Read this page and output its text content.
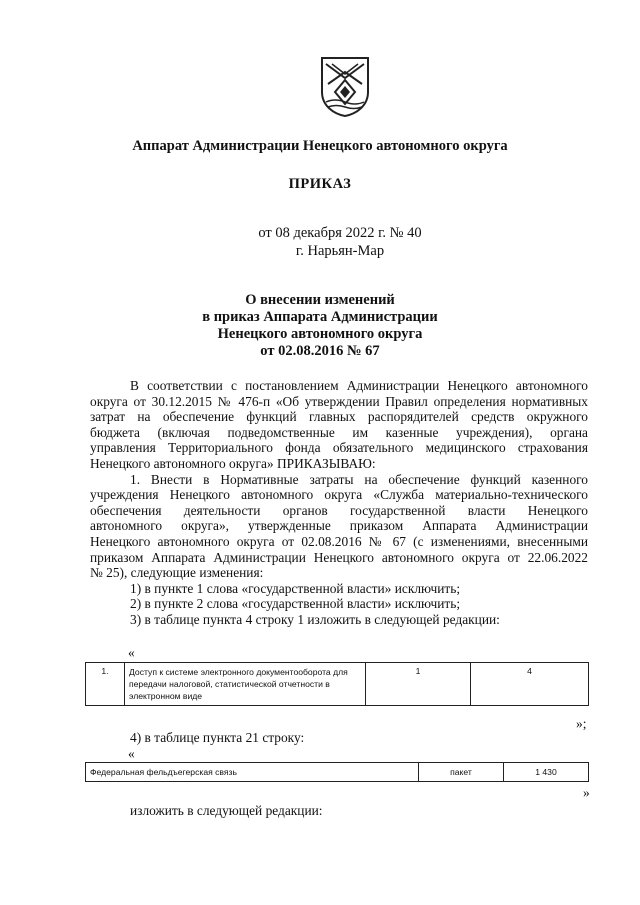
Аппарат Администрации Ненецкого автономного округа
ПРИКАЗ
от 08 декабря 2022 г. № 40
г. Нарьян-Мар
О внесении изменений
в приказ Аппарата Администрации
Ненецкого автономного округа
от 02.08.2016 № 67
В соответствии с постановлением Администрации Ненецкого автономного
округа от 30.12.2015 № 476-п «Об утверждении Правил определения нормативных
затрат на обеспечение функций главных распорядителей средств окружного
бюджета (включая подведомственные им казенные учреждения), органа
управления Территориального фонда обязательного медицинского страхования
Ненецкого автономного округа» ПРИКАЗЫВАЮ:
1. Внести в Нормативные затраты на обеспечение функций казенного
учреждения Ненецкого автономного округа «Служба материально-технического
обеспечения деятельности органов государственной власти Ненецкого
автономного округа», утвержденные приказом Аппарата Администрации
Ненецкого автономного округа от 02.08.2016 № 67 (с изменениями, внесенными
приказом Аппарата Администрации Ненецкого автономного округа от 22.06.2022
№ 25), следующие изменения:
1) в пункте 1 слова «государственной власти» исключить;
2) в пункте 2 слова «государственной власти» исключить;
3) в таблице пункта 4 строку 1 изложить в следующей редакции:
«
1.	Доступ к системе электронного документооборота для передачи налоговой, статистической отчетности в электронном виде	1	4
»;
4) в таблице пункта 21 строку:
«
Федеральная фельдъегерская связь	пакет	1 430
»
изложить в следующей редакции:
